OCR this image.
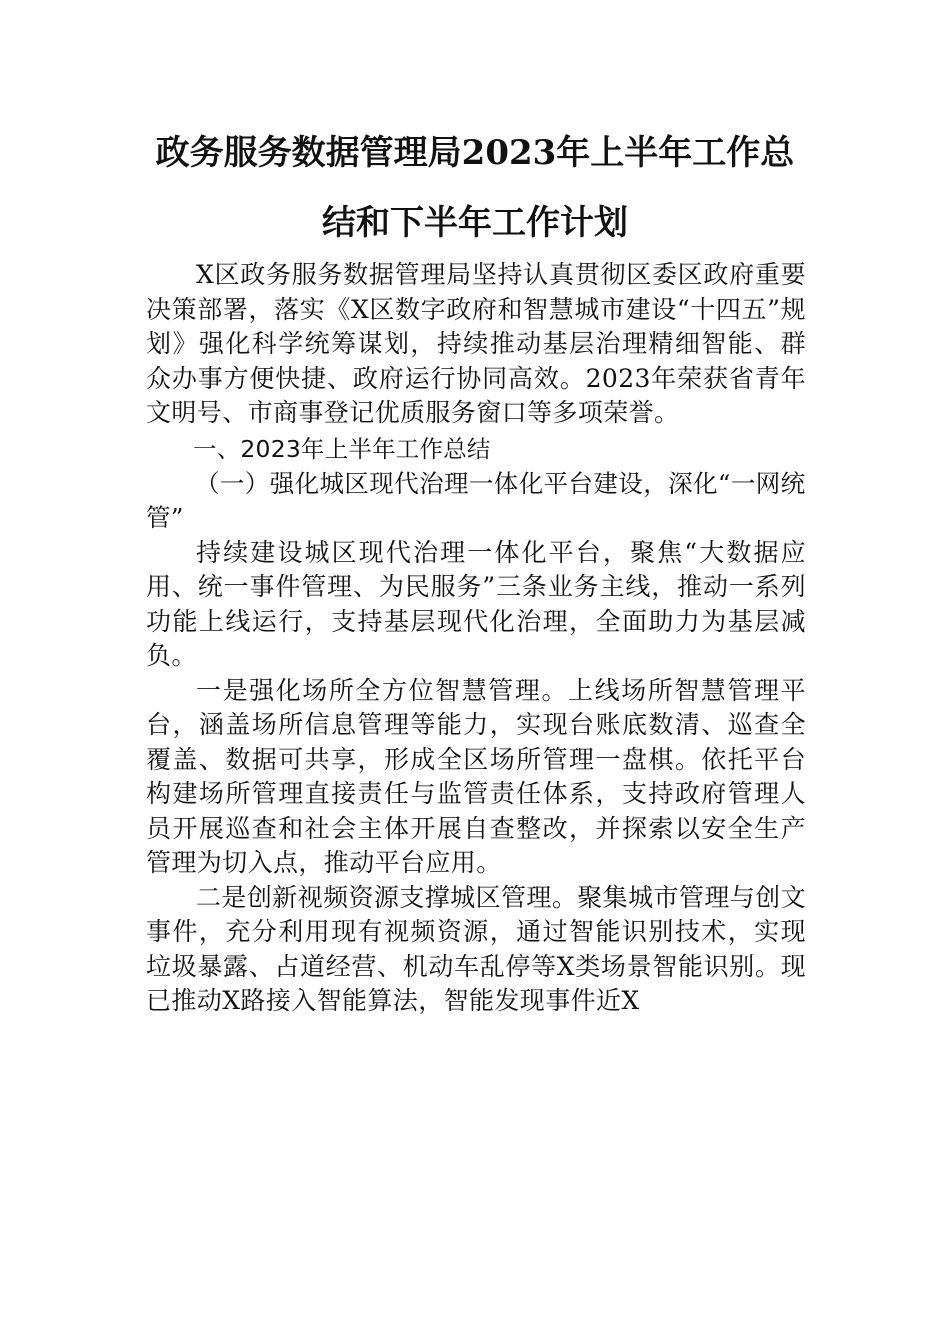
政务服务数据管理局2023年上半年工作总
结和下半年工作计划

X区政务服务数据管理局坚持认真贯彻区委区政府重要决策部署，落实《X区数字政府和智慧城市建设“十四五”规划》强化科学统筹谋划，持续推动基层治理精细智能、群众办事方便快捷、政府运行协同高效。2023年荣获省青年文明号、市商事登记优质服务窗口等多项荣誉。

一、2023年上半年工作总结

（一）强化城区现代治理一体化平台建设，深化“一网统管”

持续建设城区现代治理一体化平台，聚焦“大数据应用、统一事件管理、为民服务”三条业务主线，推动一系列功能上线运行，支持基层现代化治理，全面助力为基层减负。

一是强化场所全方位智慧管理。上线场所智慧管理平台，涵盖场所信息管理等能力，实现台账底数清、巡查全覆盖、数据可共享，形成全区场所管理一盘棋。依托平台构建场所管理直接责任与监管责任体系，支持政府管理人员开展巡查和社会主体开展自查整改，并探索以安全生产管理为切入点，推动平台应用。

二是创新视频资源支撑城区管理。聚集城市管理与创文事件，充分利用现有视频资源，通过智能识别技术，实现垃圾暴露、占道经营、机动车乱停等X类场景智能识别。现已推动X路接入智能算法，智能发现事件近X
